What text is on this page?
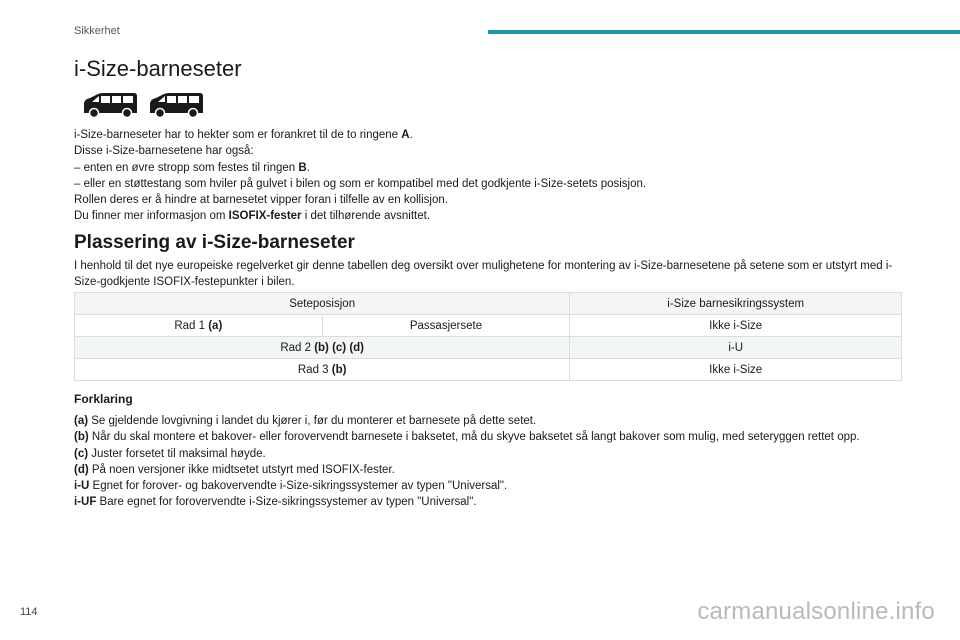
Sikkerhet
i-Size-barneseter

i-Size-barneseter har to hekter som er forankret til de to ringene A.

Disse i-Size-barnesetene har også:

– enten en øvre stropp som festes til ringen B.

– eller en støttestang som hviler på gulvet i bilen og som er kompatibel med det godkjente i-Size-setets posisjon.

Rollen deres er å hindre at barnesetet vipper foran i tilfelle av en kollisjon.

Du finner mer informasjon om ISOFIX-fester i det tilhørende avsnittet.

Plassering av i-Size-barneseter

I henhold til det nye europeiske regelverket gir denne tabellen deg oversikt over mulighetene for montering av i-Size-barnesetene på setene som er utstyrt med i-Size-godkjente ISOFIX-festepunkter i bilen.

Seteposisjon		i-Size barnesikringssystem
Rad 1 (a)	Passasjersete	Ikke i-Size
Rad 2 (b) (c) (d)		i-U
Rad 3 (b)		Ikke i-Size
Forklaring

(a) Se gjeldende lovgivning i landet du kjører i, før du monterer et barnesete på dette setet.

(b) Når du skal montere et bakover- eller forovervendt barnesete i baksetet, må du skyve baksetet så langt bakover som mulig, med seteryggen rettet opp.

(c) Juster forsetet til maksimal høyde.

(d) På noen versjoner ikke midtsetet utstyrt med ISOFIX-fester.

i-U Egnet for forover- og bakovervendte i-Size-sikringssystemer av typen "Universal".

i-UF Bare egnet for forovervendte i-Size-sikringssystemer av typen "Universal".

114	carmanualsonline.info
